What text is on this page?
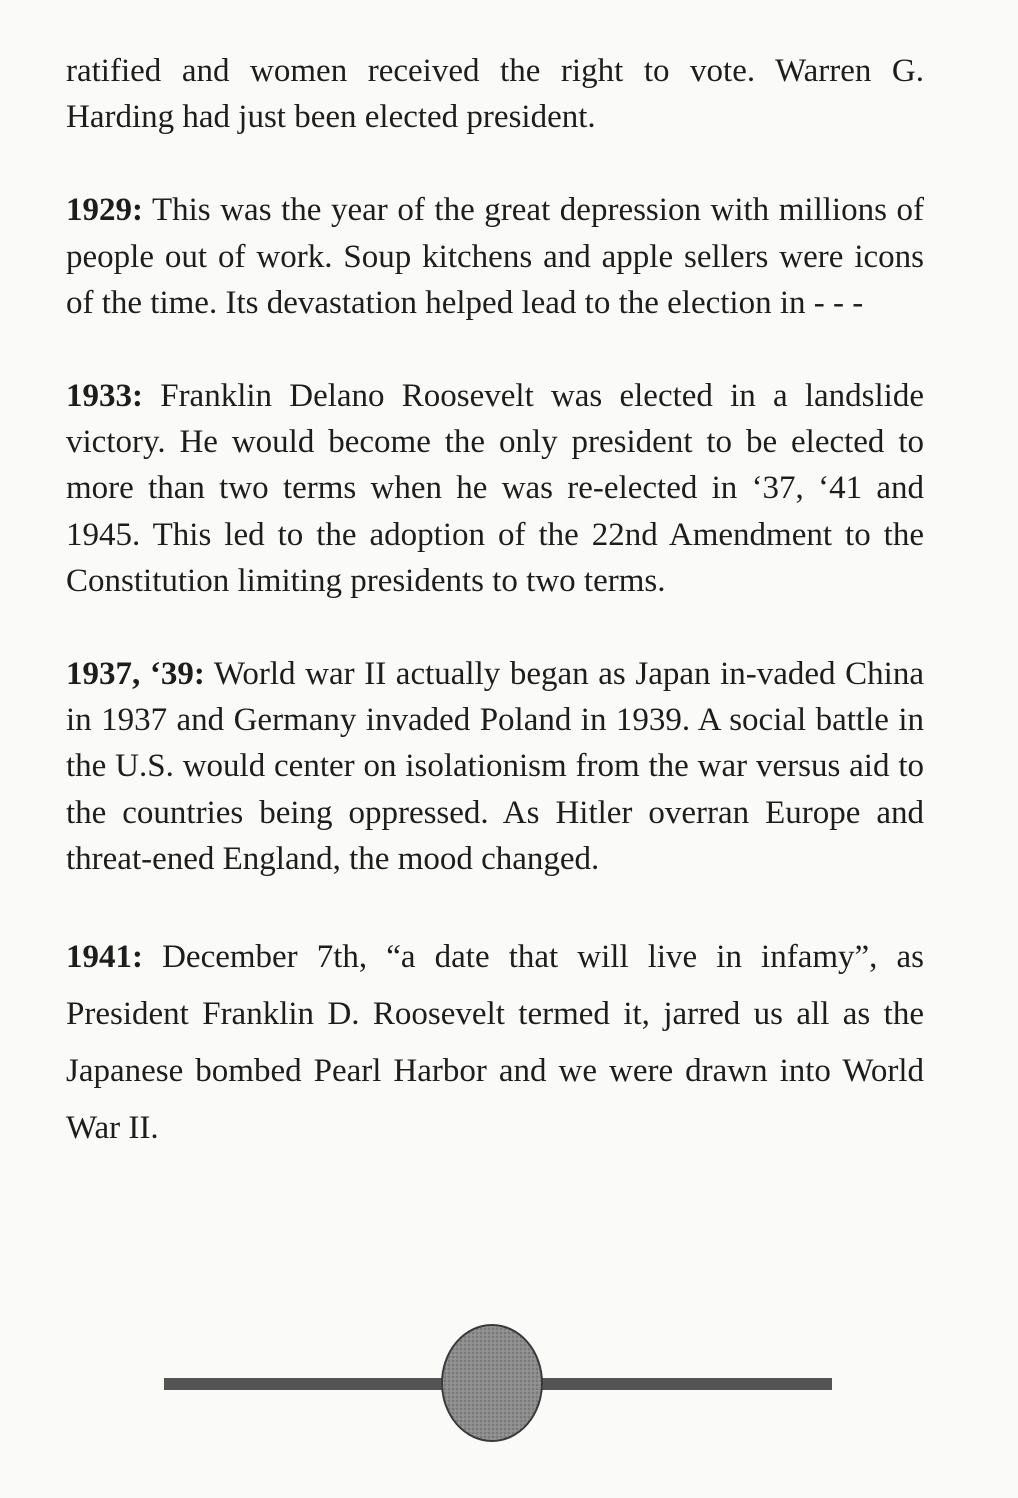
ratified and women received the right to vote. Warren G. Harding had just been elected president.

1929: This was the year of the great depression with millions of people out of work. Soup kitchens and apple sellers were icons of the time. Its devastation helped lead to the election in - - -

1933: Franklin Delano Roosevelt was elected in a landslide victory. He would become the only president to be elected to more than two terms when he was re-elected in ‘37, ‘41 and 1945. This led to the adoption of the 22nd Amendment to the Constitution limiting presidents to two terms.

1937, ‘39: World war II actually began as Japan in-vaded China in 1937 and Germany invaded Poland in 1939. A social battle in the U.S. would center on isolationism from the war versus aid to the countries being oppressed. As Hitler overran Europe and threat-ened England, the mood changed.

1941: December 7th, “a date that will live in infamy”, as President Franklin D. Roosevelt termed it, jarred us all as the Japanese bombed Pearl Harbor and we were drawn into World War II.
